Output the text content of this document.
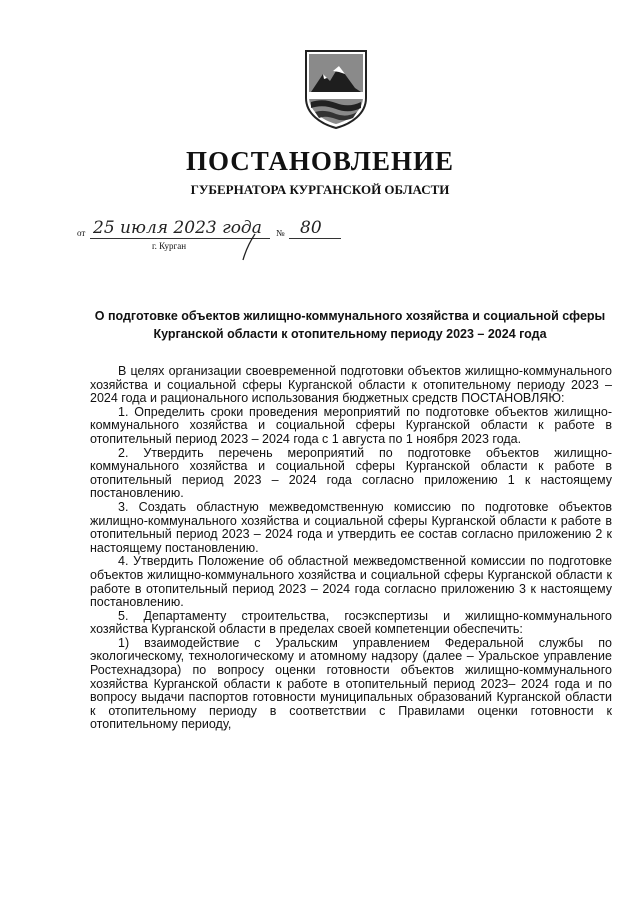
ПОСТАНОВЛЕНИЕ
ГУБЕРНАТОРА КУРГАНСКОЙ ОБЛАСТИ
от 25 июля 2023 года № 80
г. Курган
О подготовке объектов жилищно-коммунального хозяйства и социальной сферы Курганской области к отопительному периоду 2023 – 2024 года

В целях организации своевременной подготовки объектов жилищно-коммунального хозяйства и социальной сферы Курганской области к отопительному периоду 2023 – 2024 года и рационального использования бюджетных средств ПОСТАНОВЛЯЮ:

1. Определить сроки проведения мероприятий по подготовке объектов жилищно-коммунального хозяйства и социальной сферы Курганской области к работе в отопительный период 2023 – 2024 года с 1 августа по 1 ноября 2023 года.

2. Утвердить перечень мероприятий по подготовке объектов жилищно-коммунального хозяйства и социальной сферы Курганской области к работе в отопительный период 2023 – 2024 года согласно приложению 1 к настоящему постановлению.

3. Создать областную межведомственную комиссию по подготовке объектов жилищно-коммунального хозяйства и социальной сферы Курганской области к работе в отопительный период 2023 – 2024 года и утвердить ее состав согласно приложению 2 к настоящему постановлению.

4. Утвердить Положение об областной межведомственной комиссии по подготовке объектов жилищно-коммунального хозяйства и социальной сферы Курганской области к работе в отопительный период 2023 – 2024 года согласно приложению 3 к настоящему постановлению.

5. Департаменту строительства, госэкспертизы и жилищно-коммунального хозяйства Курганской области в пределах своей компетенции обеспечить:

1) взаимодействие с Уральским управлением Федеральной службы по экологическому, технологическому и атомному надзору (далее – Уральское управление Ростехнадзора) по вопросу оценки готовности объектов жилищно-коммунального хозяйства Курганской области к работе в отопительный период 2023– 2024 года и по вопросу выдачи паспортов готовности муниципальных образований Курганской области к отопительному периоду в соответствии с Правилами оценки готовности к отопительному периоду,
